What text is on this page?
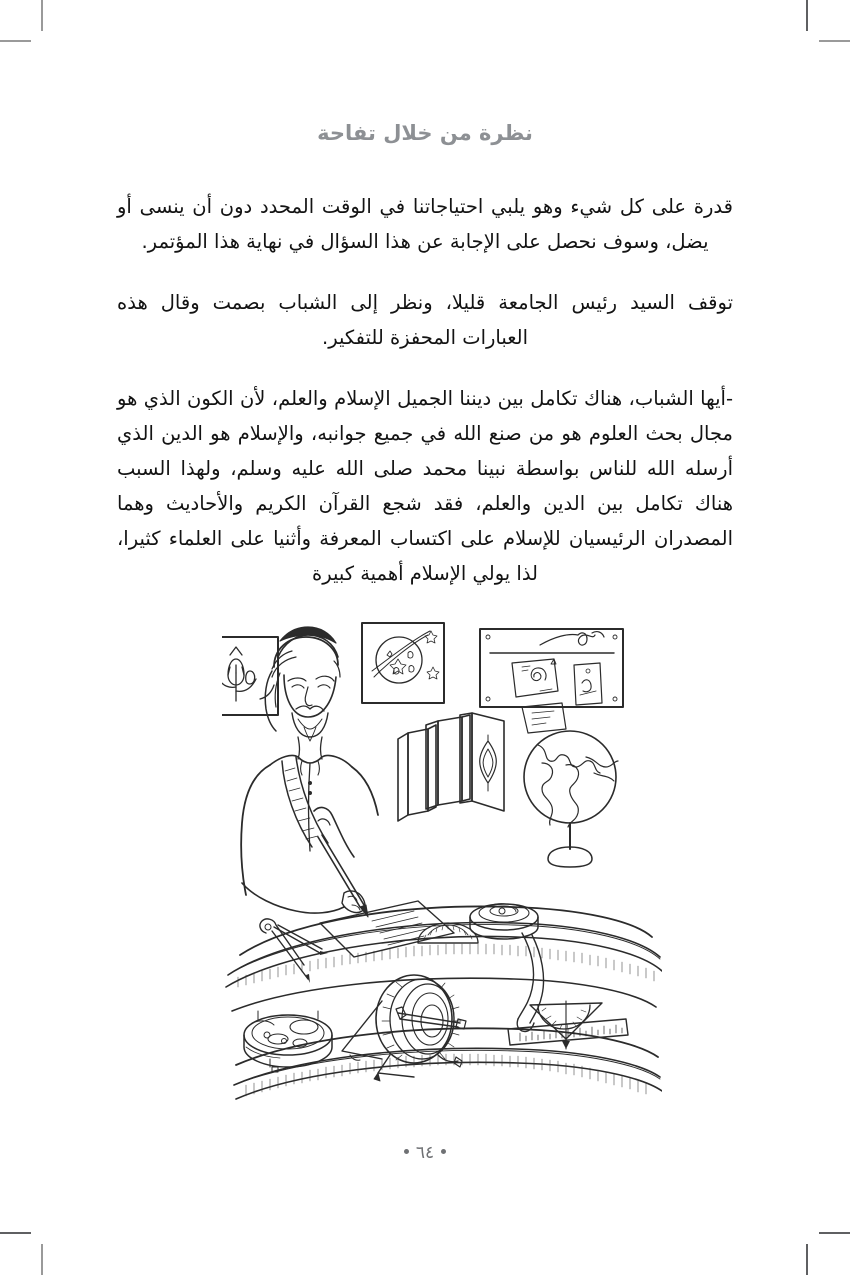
نظرة من خلال تفاحة

قدرة على كل شيء وهو يلبي احتياجاتنا في الوقت المحدد دون أن ينسى أو يضل، وسوف نحصل على الإجابة عن هذا السؤال في نهاية هذا المؤتمر.

توقف السيد رئيس الجامعة قليلا، ونظر إلى الشباب بصمت وقال هذه العبارات المحفزة للتفكير.

-أيها الشباب، هناك تكامل بين ديننا الجميل الإسلام والعلم، لأن الكون الذي هو مجال بحث العلوم هو من صنع الله في جميع جوانبه، والإسلام هو الدين الذي أرسله الله للناس بواسطة نبينا محمد صلى الله عليه وسلم، ولهذا السبب هناك تكامل بين الدين والعلم، فقد شجع القرآن الكريم والأحاديث وهما المصدران الرئيسيان للإسلام على اكتساب المعرفة وأثنيا على العلماء كثيرا، لذا يولي الإسلام أهمية كبيرة

٦٤
